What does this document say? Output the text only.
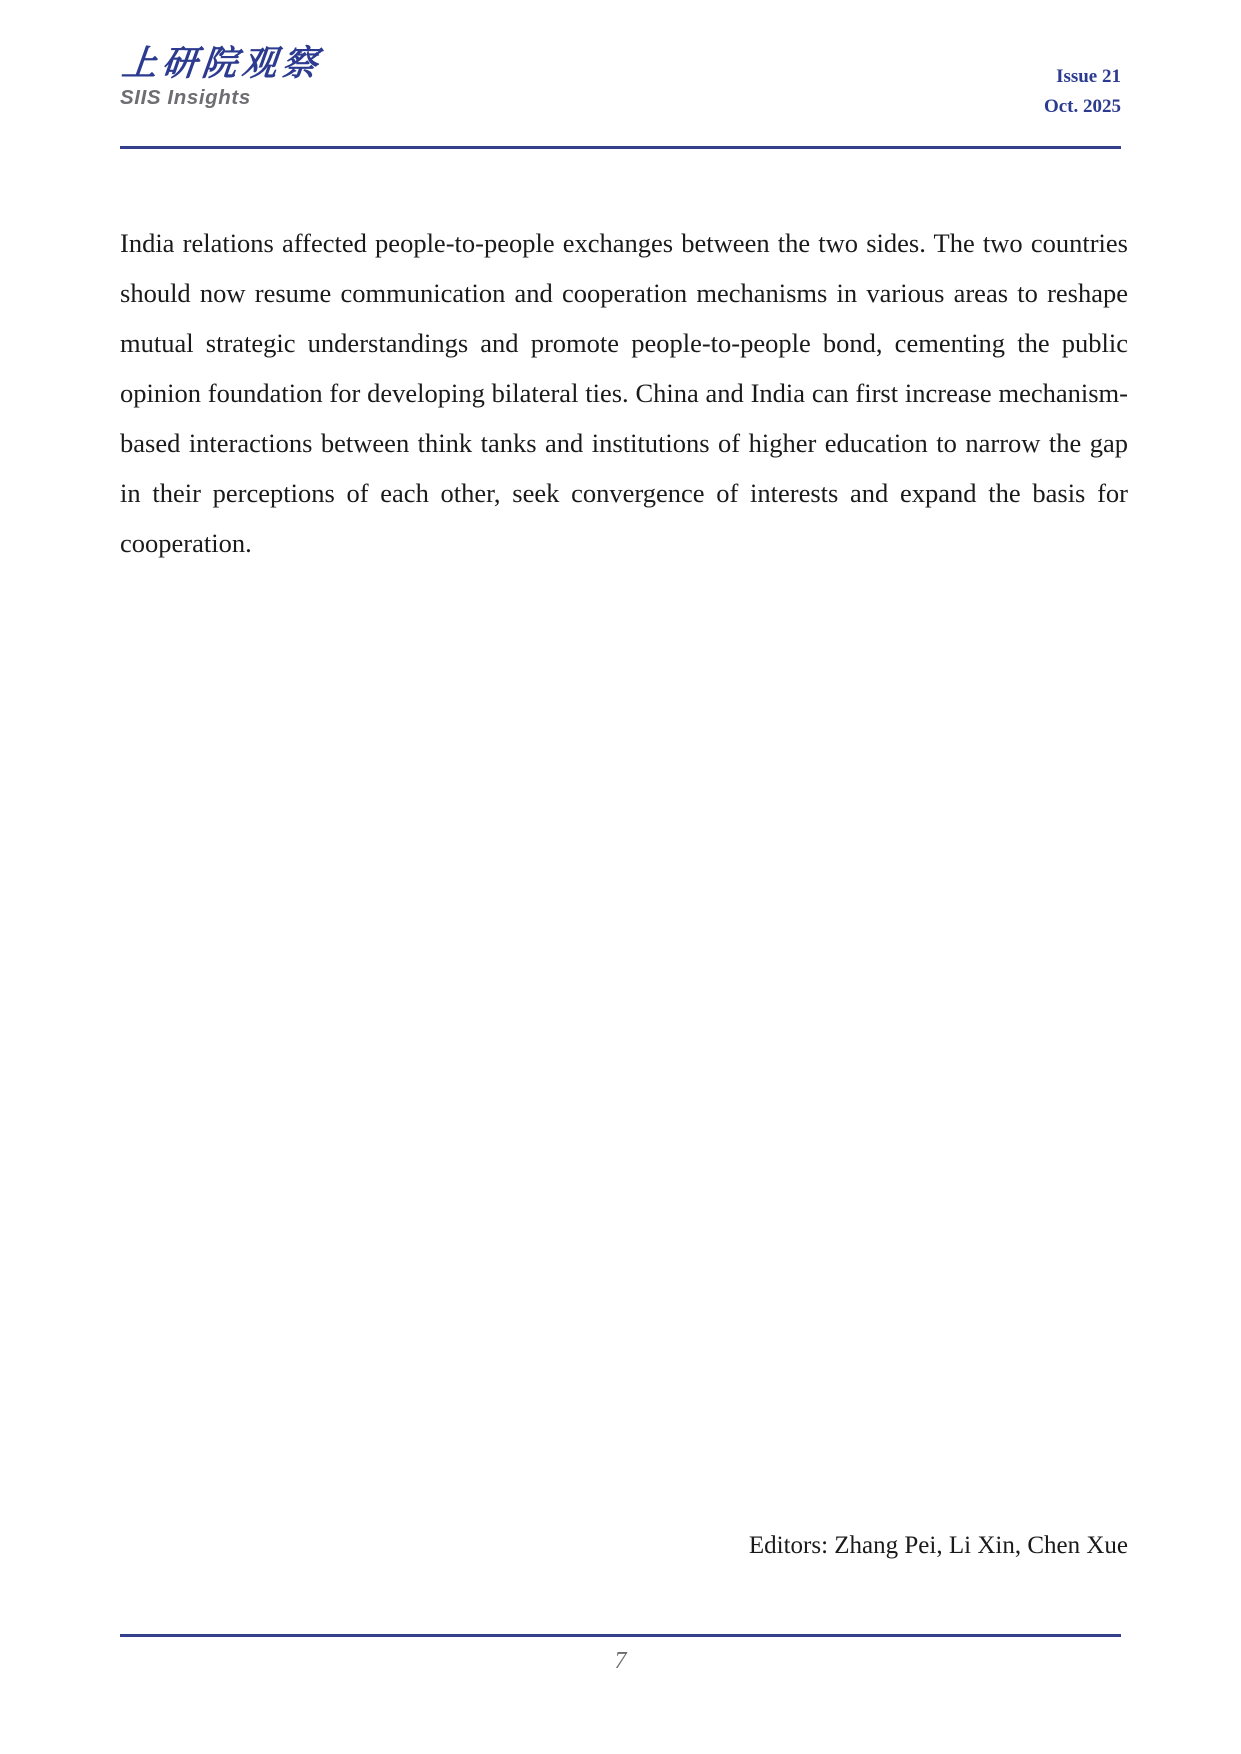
上研院观察
SIIS Insights
Issue 21
Oct. 2025

India relations affected people-to-people exchanges between the two sides. The two countries should now resume communication and cooperation mechanisms in various areas to reshape mutual strategic understandings and promote people-to-people bond, cementing the public opinion foundation for developing bilateral ties. China and India can first increase mechanism-based interactions between think tanks and institutions of higher education to narrow the gap in their perceptions of each other, seek convergence of interests and expand the basis for cooperation.

Editors: Zhang Pei, Li Xin, Chen Xue
7
